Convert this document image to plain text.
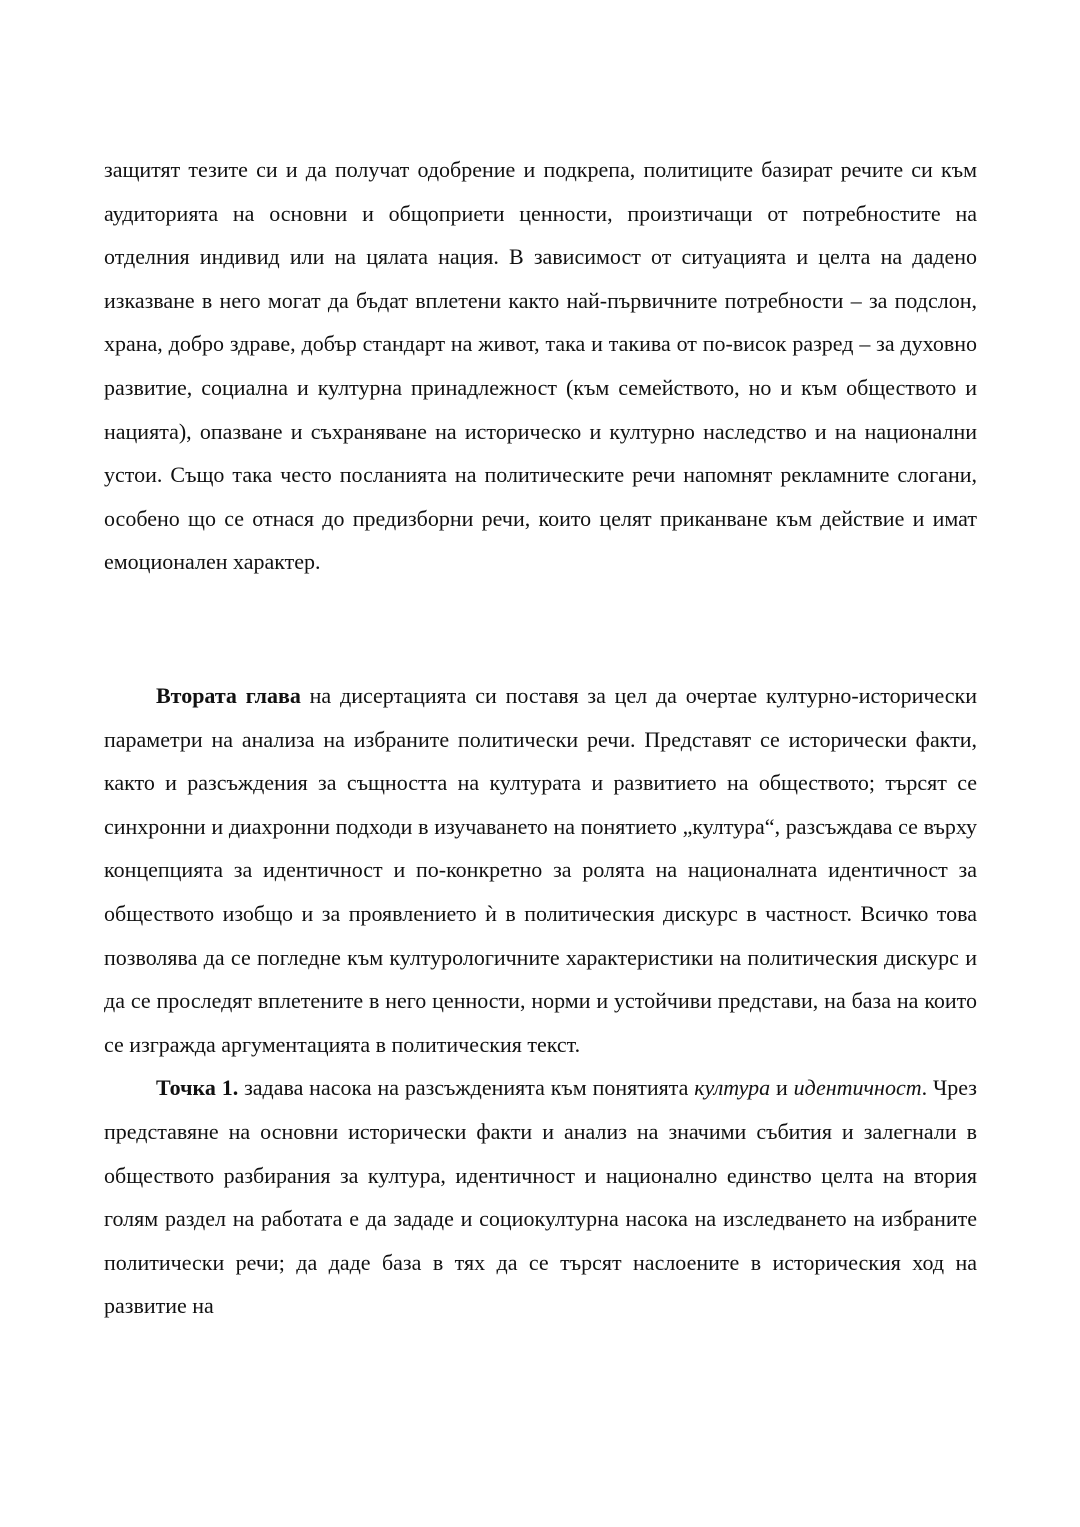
защитят тезите си и да получат одобрение и подкрепа, политиците базират речите си към аудиторията на основни и общоприети ценности, произтичащи от потребностите на отделния индивид или на цялата нация. В зависимост от ситуацията и целта на дадено изказване в него могат да бъдат вплетени както най-първичните потребности – за подслон, храна, добро здраве, добър стандарт на живот, така и такива от по-висок разред – за духовно развитие, социална и културна принадлежност (към семейството, но и към обществото и нацията), опазване и съхраняване на историческо и културно наследство и на национални устои. Също така често посланията на политическите речи напомнят рекламните слогани, особено що се отнася до предизборни речи, които целят приканване към действие и имат емоционален характер.

Втората глава на дисертацията си поставя за цел да очертае културно-исторически параметри на анализа на избраните политически речи. Представят се исторически факти, както и разсъждения за същността на културата и развитието на обществото; търсят се синхронни и диахронни подходи в изучаването на понятието „култура“, разсъждава се върху концепцията за идентичност и по-конкретно за ролята на националната идентичност за обществото изобщо и за проявлението ѝ в политическия дискурс в частност. Всичко това позволява да се погледне към културологичните характеристики на политическия дискурс и да се проследят вплетените в него ценности, норми и устойчиви представи, на база на които се изгражда аргументацията в политическия текст.

Точка 1. задава насока на разсъжденията към понятията култура и идентичност. Чрез представяне на основни исторически факти и анализ на значими събития и залегнали в обществото разбирания за култура, идентичност и национално единство целта на втория голям раздел на работата е да зададе и социокултурна насока на изследването на избраните политически речи; да даде база в тях да се търсят наслоените в историческия ход на развитие на
